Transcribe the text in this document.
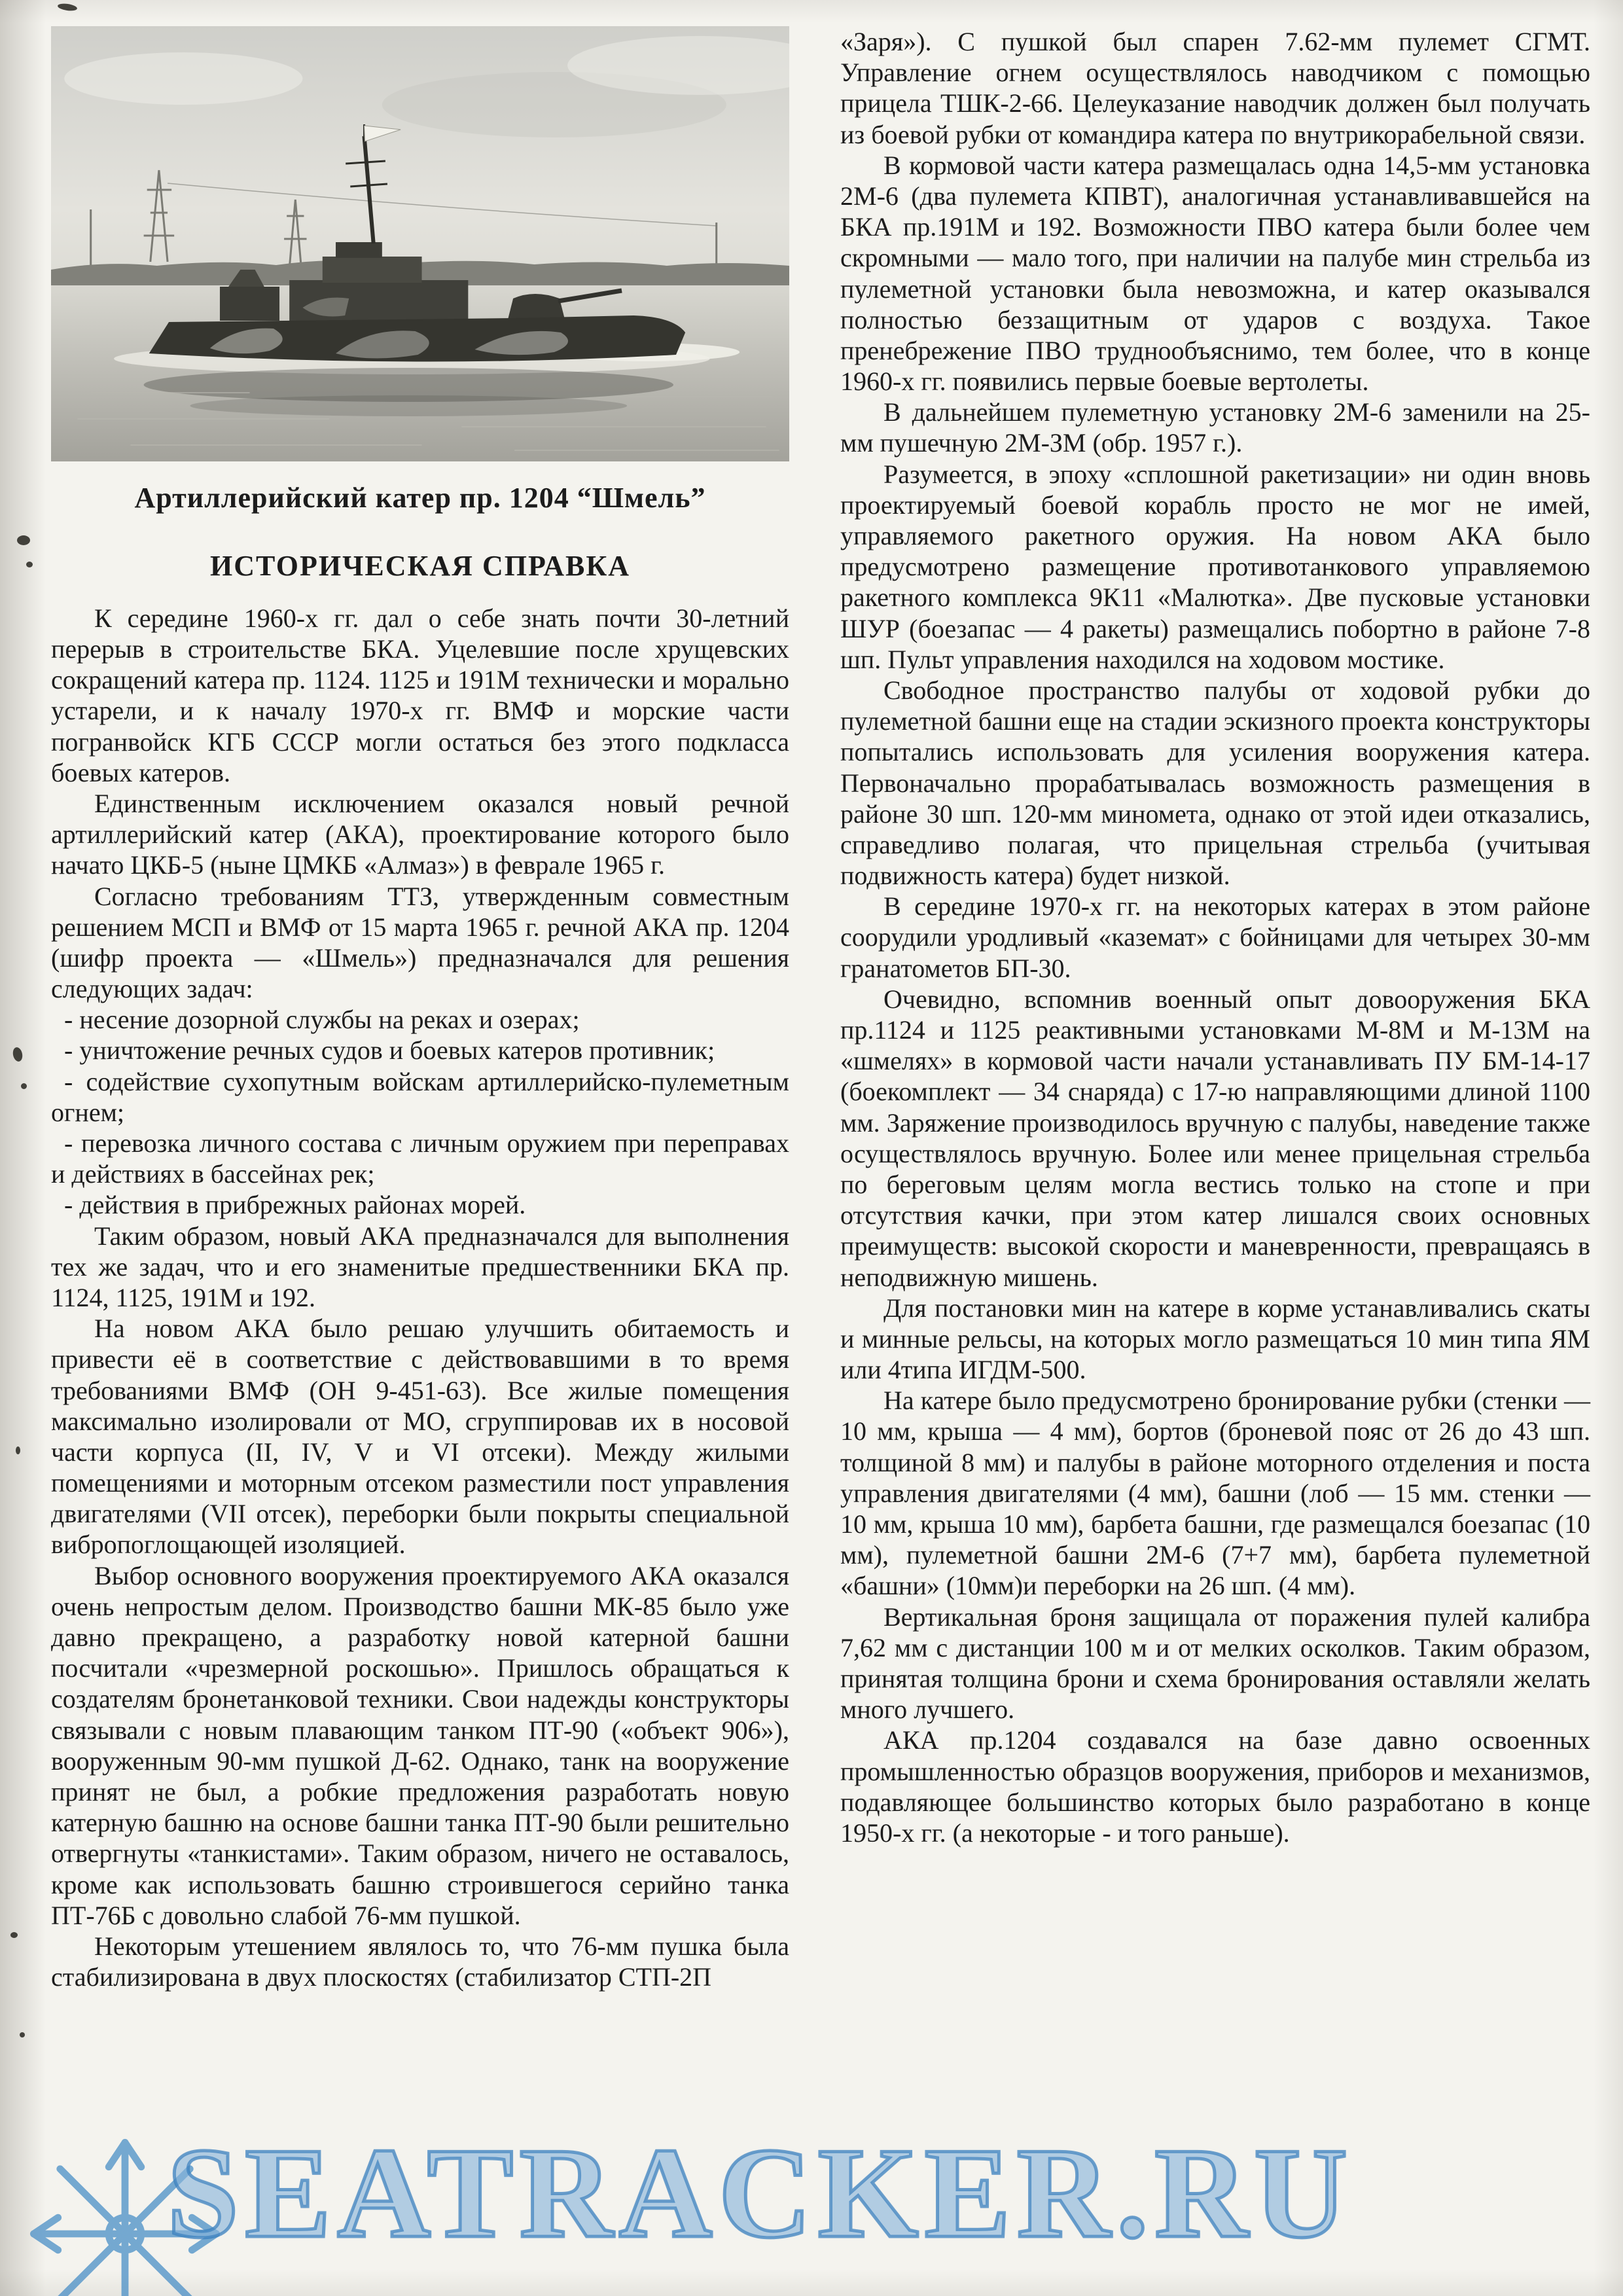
Артиллерийский катер пр. 1204 “Шмель”
ИСТОРИЧЕСКАЯ СПРАВКА

К середине 1960-х гг. дал о себе знать почти 30-летний перерыв в строительстве БКА. Уцелевшие после хрущевских сокращений катера пр. 1124. 1125 и 191М технически и морально устарели, и к началу 1970-х гг. ВМФ и морские части погранвойск КГБ СССР могли остаться без этого подкласса боевых катеров.

Единственным исключением оказался новый речной артиллерийский катер (АКА), проектирование которого было начато ЦКБ-5 (ныне ЦМКБ «Алмаз») в феврале 1965 г.

Согласно требованиям ТТЗ, утвержденным совместным решением МСП и ВМФ от 15 марта 1965 г. речной АКА пр. 1204 (шифр проекта — «Шмель») предназначался для решения следующих задач:

- несение дозорной службы на реках и озерах;

- уничтожение речных судов и боевых катеров противник;

- содействие сухопутным войскам артиллерийско-пулеметным огнем;

- перевозка личного состава с личным оружием при переправах и действиях в бассейнах рек;

- действия в прибрежных районах морей.

Таким образом, новый АКА предназначался для выполнения тех же задач, что и его знаменитые предшественники БКА пр. 1124, 1125, 191М и 192.

На новом АКА было решаю улучшить обитаемость и привести её в соответствие с действовавшими в то время требованиями ВМФ (ОН 9-451-63). Все жилые помещения максимально изолировали от МО, сгруппировав их в носовой части корпуса (II, IV, V и VI отсеки). Между жилыми помещениями и моторным отсеком разместили пост управления двигателями (VII отсек), переборки были покрыты специальной вибропоглощающей изоляцией.

Выбор основного вооружения проектируемого АКА оказался очень непростым делом. Производство башни МК-85 было уже давно прекращено, а разработку новой катерной башни посчитали «чрезмерной роскошью». Пришлось обращаться к создателям бронетанковой техники. Свои надежды конструкторы связывали с новым плавающим танком ПТ-90 («объект 906»), вооруженным 90-мм пушкой Д-62. Однако, танк на вооружение принят не был, а робкие предложения разработать новую катерную башню на основе башни танка ПТ-90 были решительно отвергнуты «танкистами». Таким образом, ничего не оставалось, кроме как использовать башню строившегося серийно танка ПТ-76Б с довольно слабой 76-мм пушкой.

Некоторым утешением являлось то, что 76-мм пушка была стабилизирована в двух плоскостях (стабилизатор СТП-2П

«Заря»). С пушкой был спарен 7.62-мм пулемет СГМТ. Управление огнем осуществлялось наводчиком с помощью прицела ТШК-2-66. Целеуказание наводчик должен был получать из боевой рубки от командира катера по внутрикорабельной связи.

В кормовой части катера размещалась одна 14,5-мм установка 2М-6 (два пулемета КПВТ), аналогичная устанавливавшейся на БКА пр.191М и 192. Возможности ПВО катера были более чем скромными — мало того, при наличии на палубе мин стрельба из пулеметной установки была невозможна, и катер оказывался полностью беззащитным от ударов с воздуха. Такое пренебрежение ПВО труднообъяснимо, тем более, что в конце 1960-х гг. появились первые боевые вертолеты.

В дальнейшем пулеметную установку 2М-6 заменили на 25-мм пушечную 2М-ЗМ (обр. 1957 г.).

Разумеется, в эпоху «сплошной ракетизации» ни один вновь проектируемый боевой корабль просто не мог не имей, управляемого ракетного оружия. На новом АКА было предусмотрено размещение противотанкового управляемою ракетного комплекса 9К11 «Малютка». Две пусковые установки ШУР (боезапас — 4 ракеты) размещались побортно в районе 7-8 шп. Пульт управления находился на ходовом мостике.

Свободное пространство палубы от ходовой рубки до пулеметной башни еще на стадии эскизного проекта конструкторы попытались использовать для усиления вооружения катера. Первоначально прорабатывалась возможность размещения в районе 30 шп. 120-мм миномета, однако от этой идеи отказались, справедливо полагая, что прицельная стрельба (учитывая подвижность катера) будет низкой.

В середине 1970-х гг. на некоторых катерах в этом районе соорудили уродливый «каземат» с бойницами для четырех 30-мм гранатометов БП-30.

Очевидно, вспомнив военный опыт довооружения БКА пр.1124 и 1125 реактивными установками М-8М и М-13М на «шмелях» в кормовой части начали устанавливать ПУ БМ-14-17 (боекомплект — 34 снаряда) с 17-ю направляющими длиной 1100 мм. Заряжение производилось вручную с палубы, наведение также осуществлялось вручную. Более или менее прицельная стрельба по береговым целям могла вестись только на стопе и при отсутствия качки, при этом катер лишался своих основных преимуществ: высокой скорости и маневренности, превращаясь в неподвижную мишень.

Для постановки мин на катере в корме устанавливались скаты и минные рельсы, на которых могло размещаться 10 мин типа ЯМ или 4типа ИГДМ-500.

На катере было предусмотрено бронирование рубки (стенки — 10 мм, крыша — 4 мм), бортов (броневой пояс от 26 до 43 шп. толщиной 8 мм) и палубы в районе моторного отделения и поста управления двигателями (4 мм), башни (лоб — 15 мм. стенки — 10 мм, крыша 10 мм), барбета башни, где размещался боезапас (10 мм), пулеметной башни 2М-6 (7+7 мм), барбета пулеметной «башни» (10мм)и переборки на 26 шп. (4 мм).

Вертикальная броня защищала от поражения пулей калибра 7,62 мм с дистанции 100 м и от мелких осколков. Таким образом, принятая толщина брони и схема бронирования оставляли желать много лучшего.

АКА пр.1204 создавался на базе давно освоенных промышленностью образцов вооружения, приборов и механизмов, подавляющее большинство которых было разработано в конце 1950-х гг. (а некоторые - и того раньше).

SEATRACKER.RU
